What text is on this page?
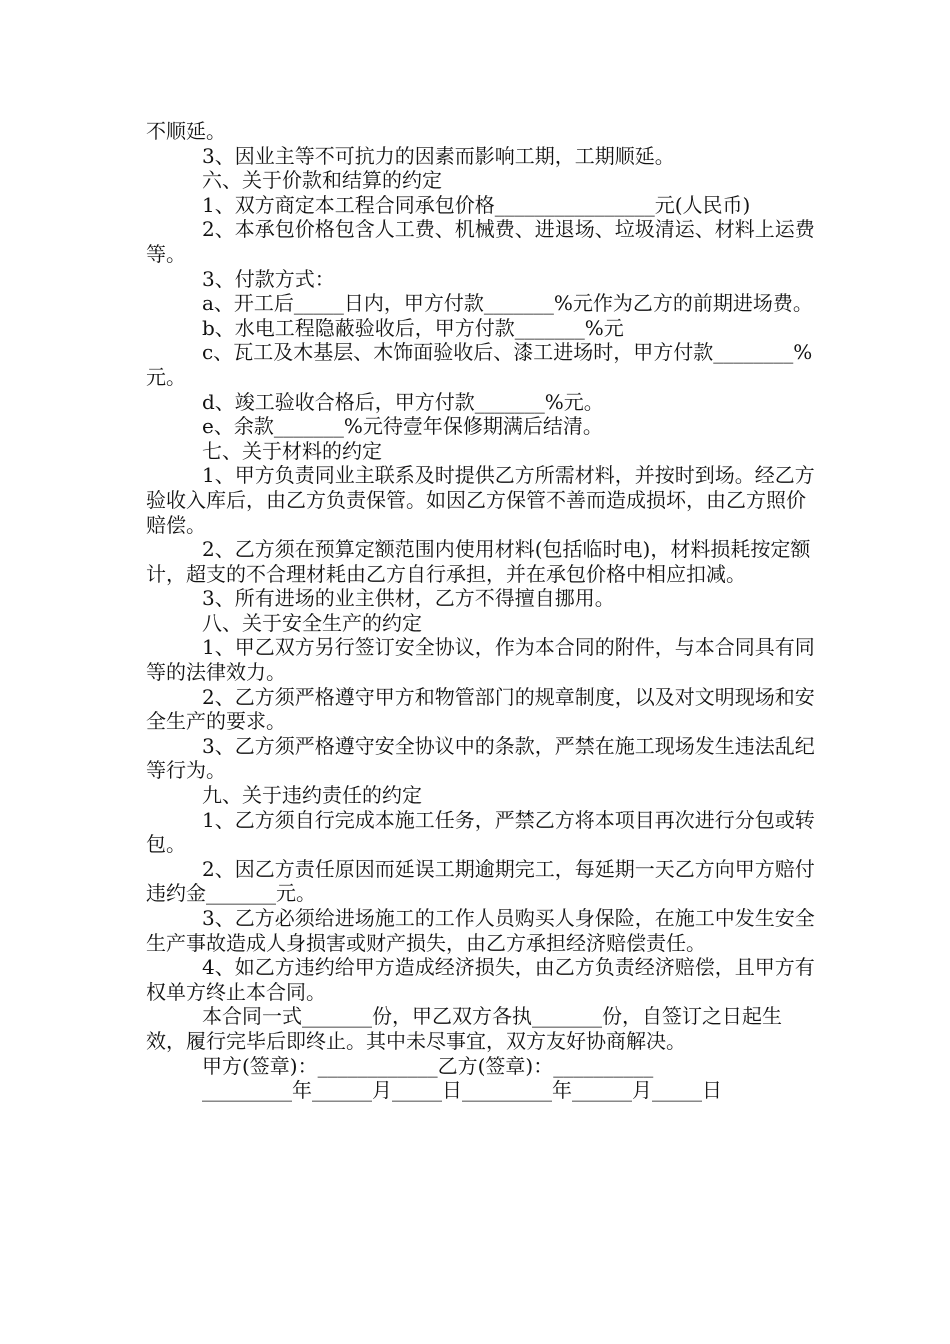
不顺延。

3、因业主等不可抗力的因素而影响工期，工期顺延。

六、关于价款和结算的约定

1、双方商定本工程合同承包价格________________元(人民币)

2、本承包价格包含人工费、机械费、进退场、垃圾清运、材料上运费等。

3、付款方式：

a、开工后_____日内，甲方付款_______%元作为乙方的前期进场费。

b、水电工程隐蔽验收后，甲方付款_______%元

c、瓦工及木基层、木饰面验收后、漆工进场时，甲方付款________%元。

d、竣工验收合格后，甲方付款_______%元。

e、余款_______%元待壹年保修期满后结清。

七、关于材料的约定

1、甲方负责同业主联系及时提供乙方所需材料，并按时到场。经乙方验收入库后，由乙方负责保管。如因乙方保管不善而造成损坏，由乙方照价赔偿。

2、乙方须在预算定额范围内使用材料(包括临时电)，材料损耗按定额计，超支的不合理材耗由乙方自行承担，并在承包价格中相应扣减。

3、所有进场的业主供材，乙方不得擅自挪用。

八、关于安全生产的约定

1、甲乙双方另行签订安全协议，作为本合同的附件，与本合同具有同等的法律效力。

2、乙方须严格遵守甲方和物管部门的规章制度，以及对文明现场和安全生产的要求。

3、乙方须严格遵守安全协议中的条款，严禁在施工现场发生违法乱纪等行为。

九、关于违约责任的约定

1、乙方须自行完成本施工任务，严禁乙方将本项目再次进行分包或转包。

2、因乙方责任原因而延误工期逾期完工，每延期一天乙方向甲方赔付违约金_______元。

3、乙方必须给进场施工的工作人员购买人身保险，在施工中发生安全生产事故造成人身损害或财产损失，由乙方承担经济赔偿责任。

4、如乙方违约给甲方造成经济损失，由乙方负责经济赔偿，且甲方有权单方终止本合同。

本合同一式_______份，甲乙双方各执_______份，自签订之日起生效，履行完毕后即终止。其中未尽事宜，双方友好协商解决。

甲方(签章)：____________乙方(签章)：__________

_________年______月_____日_________年______月_____日
